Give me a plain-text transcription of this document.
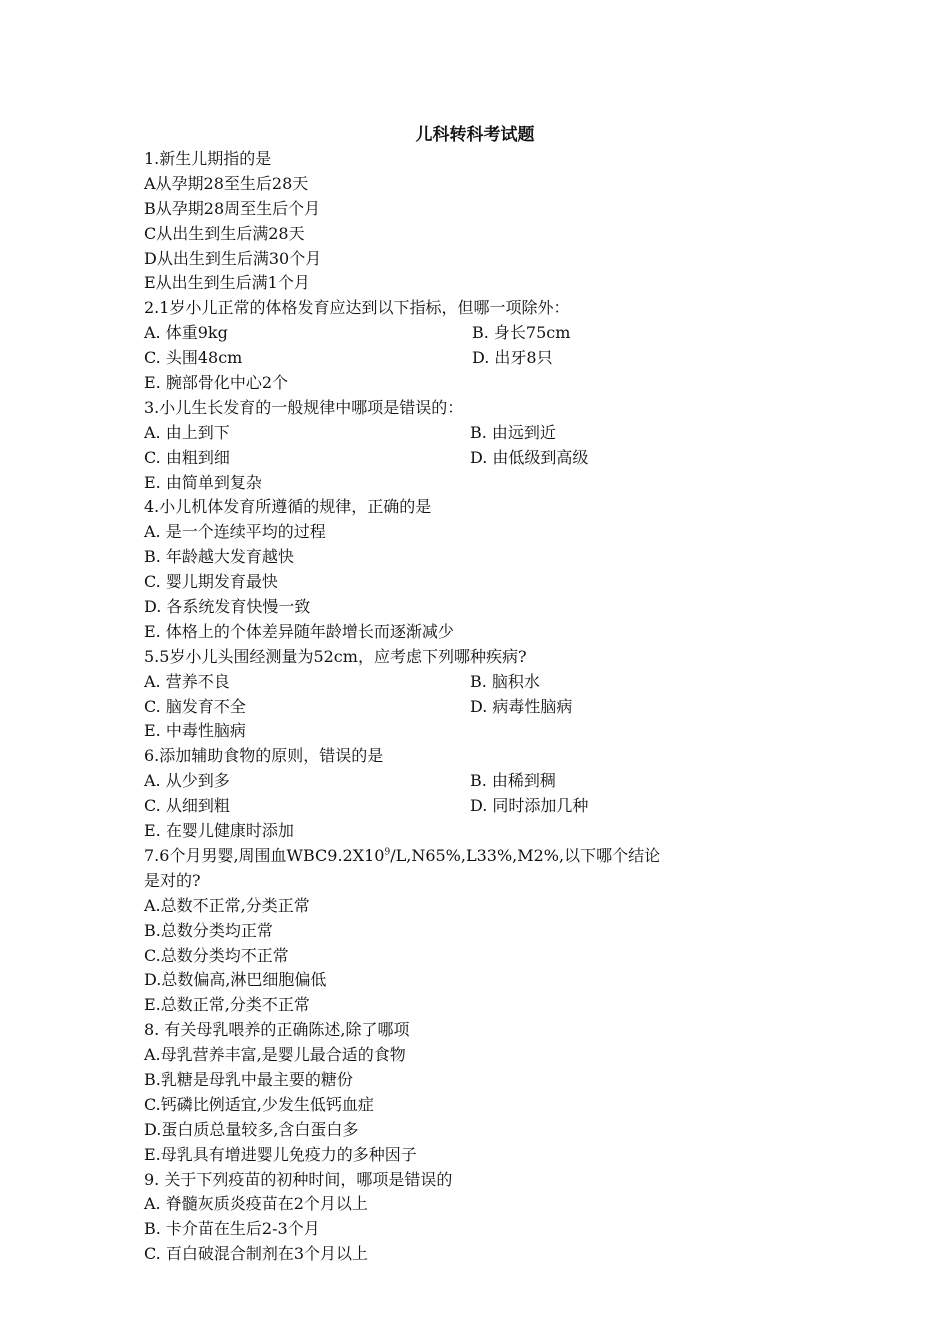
儿科转科考试题
1.新生儿期指的是
A从孕期28至生后28天
B从孕期28周至生后个月
C从出生到生后满28天
D从出生到生后满30个月
E从出生到生后满1个月
2.1岁小儿正常的体格发育应达到以下指标，但哪一项除外：
A. 体重9kg	B. 身长75cm
C. 头围48cm	D. 出牙8只
E. 腕部骨化中心2个
3.小儿生长发育的一般规律中哪项是错误的：
A. 由上到下	B. 由远到近
C. 由粗到细	D. 由低级到高级
E. 由简单到复杂
4.小儿机体发育所遵循的规律，正确的是
A. 是一个连续平均的过程
B. 年龄越大发育越快
C. 婴儿期发育最快
D. 各系统发育快慢一致
E. 体格上的个体差异随年龄增长而逐渐减少
5.5岁小儿头围经测量为52cm，应考虑下列哪种疾病?
A. 营养不良	B. 脑积水
C. 脑发育不全	D. 病毒性脑病
E. 中毒性脑病
6.添加辅助食物的原则，错误的是
A. 从少到多	B. 由稀到稠
C. 从细到粗	D. 同时添加几种
E. 在婴儿健康时添加
7.6个月男婴,周围血$WBC9.2X10^9/L,N65\%,L33\%,M2\%$,以下哪个结论
是对的?
A.总数不正常,分类正常
B.总数分类均正常
C.总数分类均不正常
D.总数偏高,淋巴细胞偏低
E.总数正常,分类不正常
8. 有关母乳喂养的正确陈述,除了哪项
A.母乳营养丰富,是婴儿最合适的食物
B.乳糖是母乳中最主要的糖份
C.钙磷比例适宜,少发生低钙血症
D.蛋白质总量较多,含白蛋白多
E.母乳具有增进婴儿免疫力的多种因子
9. 关于下列疫苗的初种时间，哪项是错误的
A. 脊髓灰质炎疫苗在2个月以上
B. 卡介苗在生后2-3个月
C. 百白破混合制剂在3个月以上
